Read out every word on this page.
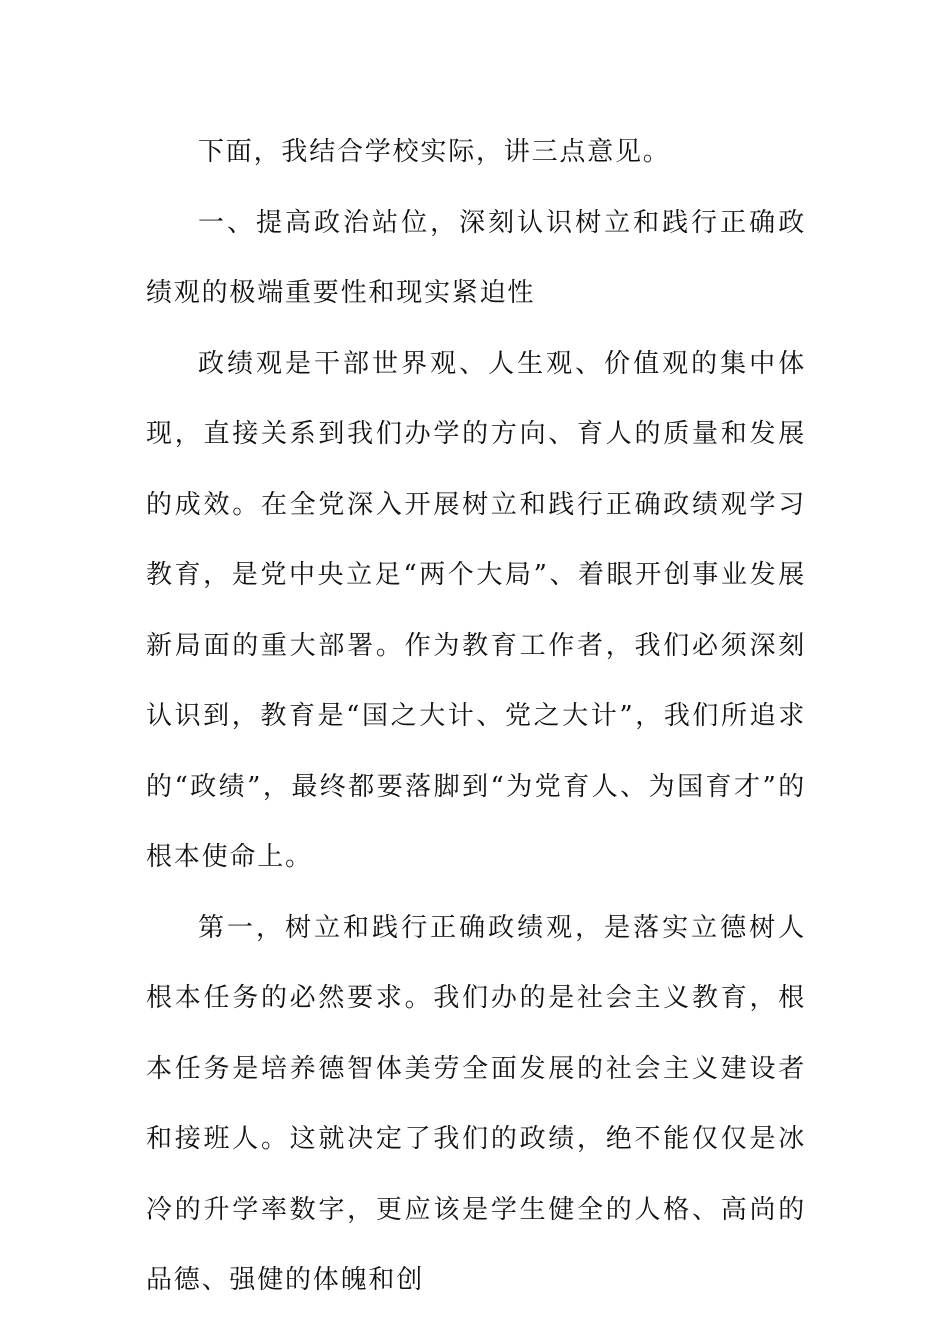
下面，我结合学校实际，讲三点意见。

一、提高政治站位，深刻认识树立和践行正确政绩观的极端重要性和现实紧迫性

政绩观是干部世界观、人生观、价值观的集中体现，直接关系到我们办学的方向、育人的质量和发展的成效。在全党深入开展树立和践行正确政绩观学习教育，是党中央立足“两个大局”、着眼开创事业发展新局面的重大部署。作为教育工作者，我们必须深刻认识到，教育是“国之大计、党之大计”，我们所追求的“政绩”，最终都要落脚到“为党育人、为国育才”的根本使命上。

第一，树立和践行正确政绩观，是落实立德树人根本任务的必然要求。我们办的是社会主义教育，根本任务是培养德智体美劳全面发展的社会主义建设者和接班人。这就决定了我们的政绩，绝不能仅仅是冰冷的升学率数字，更应该是学生健全的人格、高尚的品德、强健的体魄和创
